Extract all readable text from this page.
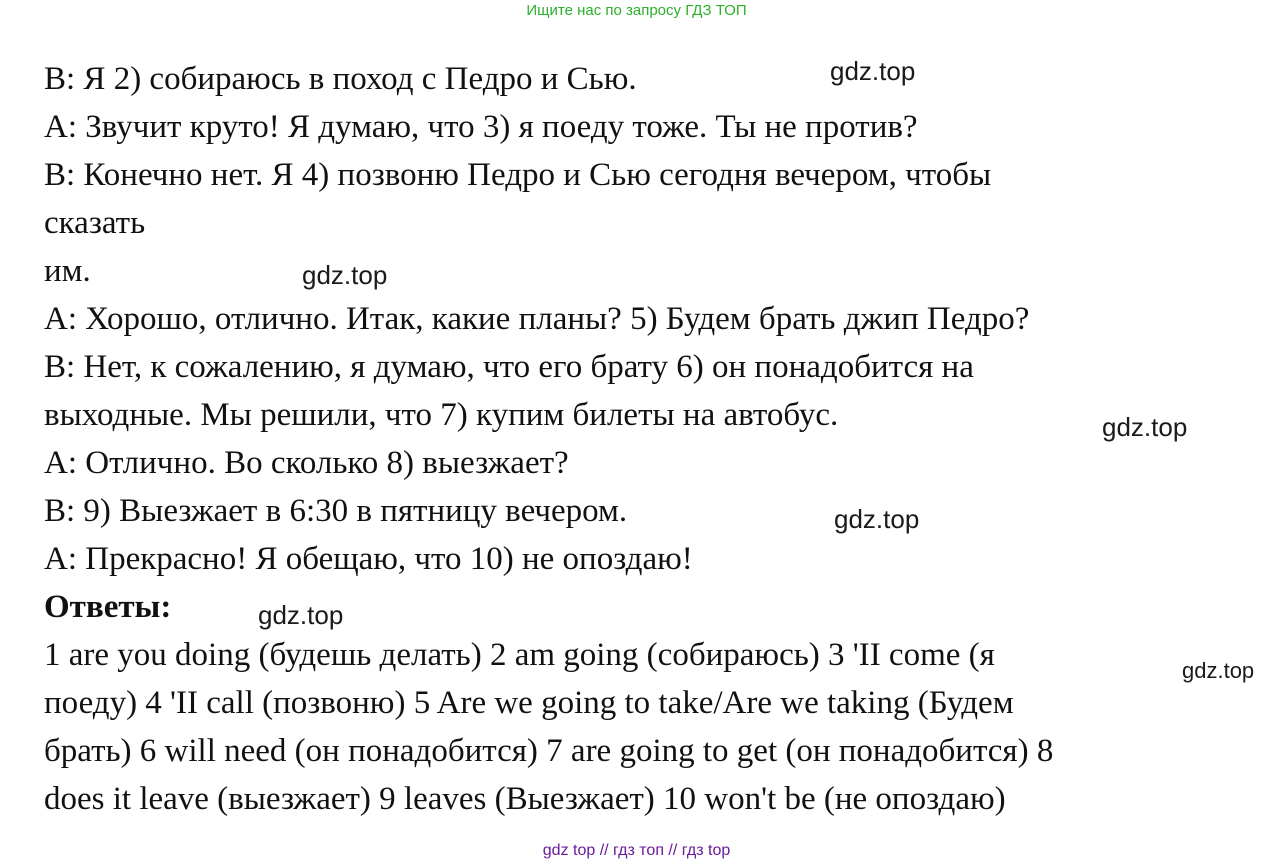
Ищите нас по запросу ГДЗ ТОП
B: Я 2) собираюсь в поход с Педро и Сью.
A: Звучит круто! Я думаю, что 3) я поеду тоже. Ты не против?
B: Конечно нет. Я 4) позвоню Педро и Сью сегодня вечером, чтобы
сказать
им.
A: Хорошо, отлично. Итак, какие планы? 5) Будем брать джип Педро?
B: Нет, к сожалению, я думаю, что его брату 6) он понадобится на
выходные. Мы решили, что 7) купим билеты на автобус.
A: Отлично. Во сколько 8) выезжает?
B: 9) Выезжает в 6:30 в пятницу вечером.
A: Прекрасно! Я обещаю, что 10) не опоздаю!
Ответы:
1 are you doing (будешь делать) 2 am going (собираюсь) 3 'II come (я
поеду) 4 'II call (позвоню) 5 Are we going to take/Are we taking (Будем
брать) 6 will need (он понадобится) 7 are going to get (он понадобится) 8
does it leave (выезжает) 9 leaves (Выезжает) 10 won't be (не опоздаю)
gdz.top
gdz.top
gdz.top
gdz.top
gdz.top
gdz.top
gdz top // гдз топ // гдз top
